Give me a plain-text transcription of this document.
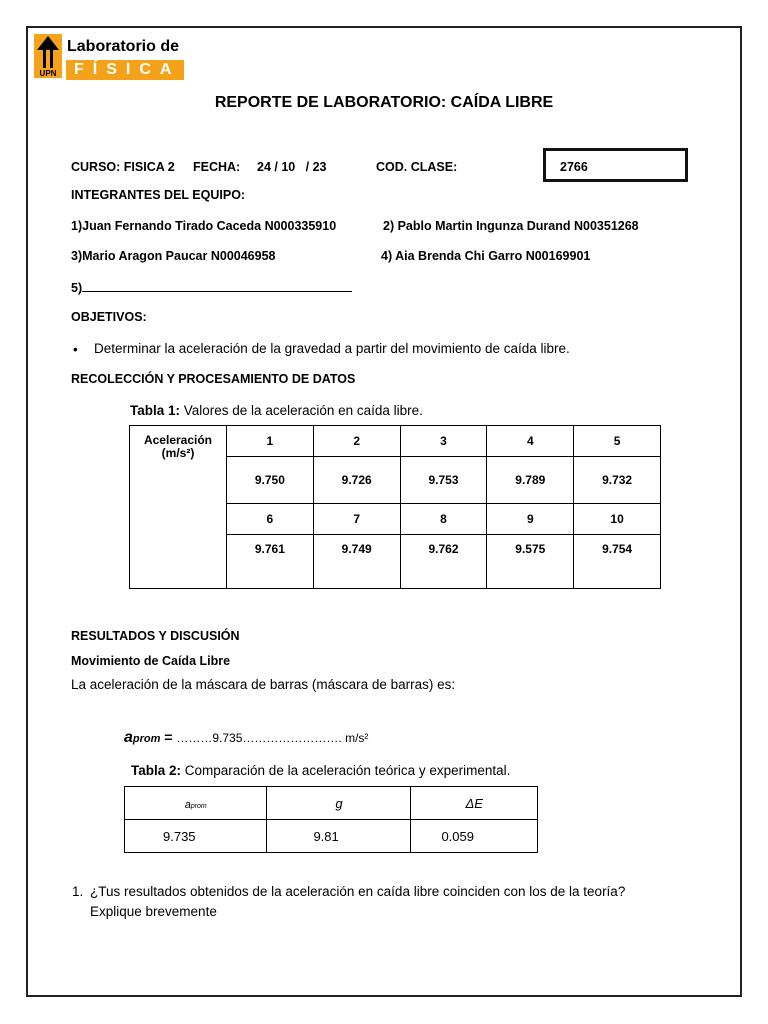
UPN
Laboratorio de
FÍSICA
REPORTE DE LABORATORIO: CAÍDA LIBRE
CURSO: FISICA 2 FECHA: 24 / 10   / 23	COD. CLASE:	2766
INTEGRANTES DEL EQUIPO:
1)Juan Fernando Tirado Caceda N000335910	2) Pablo Martin Ingunza Durand N00351268
3)Mario Aragon Paucar N00046958	4) Aia Brenda Chi Garro N00169901
5)
OBJETIVOS:
• Determinar la aceleración de la gravedad a partir del movimiento de caída libre.
RECOLECCIÓN Y PROCESAMIENTO DE DATOS
Tabla 1: Valores de la aceleración en caída libre.
Aceleración
(m/s²)	1	2	3	4	5
	9.750	9.726	9.753	9.789	9.732
	6	7	8	9	10
	9.761	9.749	9.762	9.575	9.754
RESULTADOS Y DISCUSIÓN
Movimiento de Caída Libre
La aceleración de la máscara de barras (máscara de barras) es:
aprom = ………9.735……………………. m/s²
Tabla 2: Comparación de la aceleración teórica y experimental.
aprom	g	ΔE
9.735	9.81	0.059
1. ¿Tus resultados obtenidos de la aceleración en caída libre coinciden con los de la teoría?
Explique brevemente
